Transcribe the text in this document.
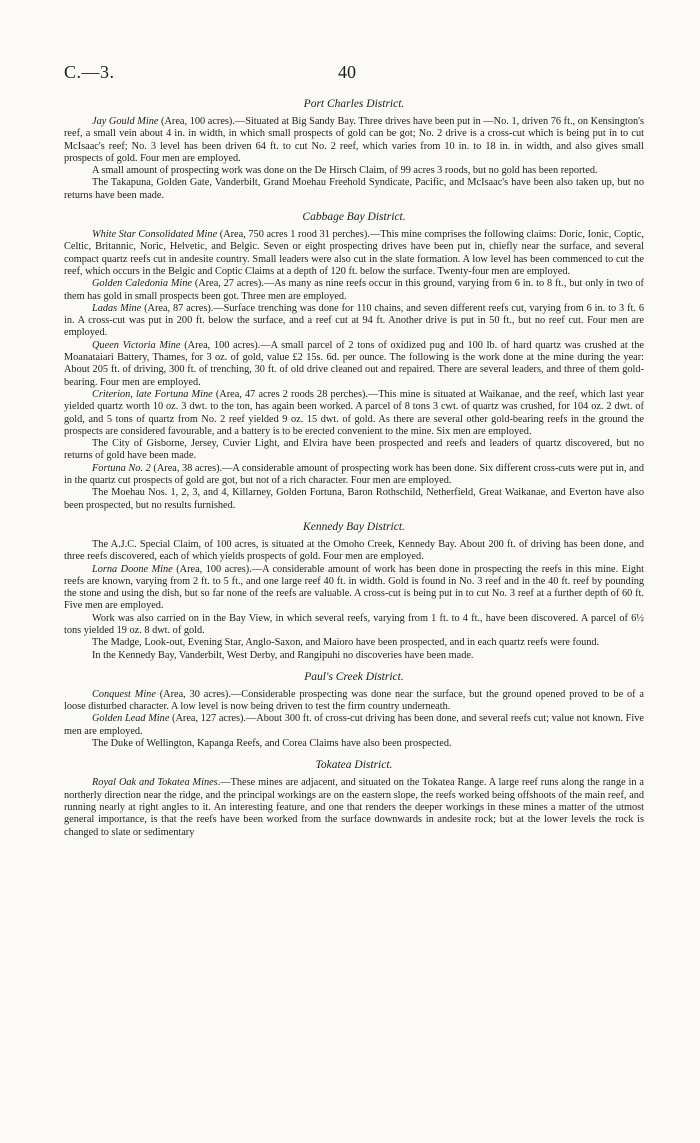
C.—3.	40
Port Charles District.

Jay Gould Mine (Area, 100 acres).—Situated at Big Sandy Bay. Three drives have been put in —No. 1, driven 76 ft., on Kensington's reef, a small vein about 4 in. in width, in which small prospects of gold can be got; No. 2 drive is a cross-cut which is being put in to cut McIsaac's reef; No. 3 level has been driven 64 ft. to cut No. 2 reef, which varies from 10 in. to 18 in. in width, and also gives small prospects of gold. Four men are employed.

A small amount of prospecting work was done on the De Hirsch Claim, of 99 acres 3 roods, but no gold has been reported.

The Takapuna, Golden Gate, Vanderbilt, Grand Moehau Freehold Syndicate, Pacific, and McIsaac's have been also taken up, but no returns have been made.

Cabbage Bay District.

White Star Consolidated Mine (Area, 750 acres 1 rood 31 perches).—This mine comprises the following claims: Doric, Ionic, Coptic, Celtic, Britannic, Noric, Helvetic, and Belgic. Seven or eight prospecting drives have been put in, chiefly near the surface, and several compact quartz reefs cut in andesite country. Small leaders were also cut in the slate formation. A low level has been commenced to cut the reef, which occurs in the Belgic and Coptic Claims at a depth of 120 ft. below the surface. Twenty-four men are employed.

Golden Caledonia Mine (Area, 27 acres).—As many as nine reefs occur in this ground, varying from 6 in. to 8 ft., but only in two of them has gold in small prospects been got. Three men are employed.

Ladas Mine (Area, 87 acres).—Surface trenching was done for 110 chains, and seven different reefs cut, varying from 6 in. to 3 ft. 6 in. A cross-cut was put in 200 ft. below the surface, and a reef cut at 94 ft. Another drive is put in 50 ft., but no reef cut. Four men are employed.

Queen Victoria Mine (Area, 100 acres).—A small parcel of 2 tons of oxidized pug and 100 lb. of hard quartz was crushed at the Moanataiari Battery, Thames, for 3 oz. of gold, value £2 15s. 6d. per ounce. The following is the work done at the mine during the year: About 205 ft. of driving, 300 ft. of trenching, 30 ft. of old drive cleaned out and repaired. There are several leaders, and three of them gold-bearing. Four men are employed.

Criterion, late Fortuna Mine (Area, 47 acres 2 roods 28 perches).—This mine is situated at Waikanae, and the reef, which last year yielded quartz worth 10 oz. 3 dwt. to the ton, has again been worked. A parcel of 8 tons 3 cwt. of quartz was crushed, for 104 oz. 2 dwt. of gold, and 5 tons of quartz from No. 2 reef yielded 9 oz. 15 dwt. of gold. As there are several other gold-bearing reefs in the ground the prospects are considered favourable, and a battery is to be erected convenient to the mine. Six men are employed.

The City of Gisborne, Jersey, Cuvier Light, and Elvira have been prospected and reefs and leaders of quartz discovered, but no returns of gold have been made.

Fortuna No. 2 (Area, 38 acres).—A considerable amount of prospecting work has been done. Six different cross-cuts were put in, and in the quartz cut prospects of gold are got, but not of a rich character. Four men are employed.

The Moehau Nos. 1, 2, 3, and 4, Killarney, Golden Fortuna, Baron Rothschild, Netherfield, Great Waikanae, and Everton have also been prospected, but no results furnished.

Kennedy Bay District.

The A.J.C. Special Claim, of 100 acres, is situated at the Omoho Creek, Kennedy Bay. About 200 ft. of driving has been done, and three reefs discovered, each of which yields prospects of gold. Four men are employed.

Lorna Doone Mine (Area, 100 acres).—A considerable amount of work has been done in prospecting the reefs in this mine. Eight reefs are known, varying from 2 ft. to 5 ft., and one large reef 40 ft. in width. Gold is found in No. 3 reef and in the 40 ft. reef by pounding the stone and using the dish, but so far none of the reefs are valuable. A cross-cut is being put in to cut No. 3 reef at a further depth of 60 ft. Five men are employed.

Work was also carried on in the Bay View, in which several reefs, varying from 1 ft. to 4 ft., have been discovered. A parcel of 6½ tons yielded 19 oz. 8 dwt. of gold.

The Madge, Look-out, Evening Star, Anglo-Saxon, and Maioro have been prospected, and in each quartz reefs were found.

In the Kennedy Bay, Vanderbilt, West Derby, and Rangipuhi no discoveries have been made.

Paul's Creek District.

Conquest Mine (Area, 30 acres).—Considerable prospecting was done near the surface, but the ground opened proved to be of a loose disturbed character. A low level is now being driven to test the firm country underneath.

Golden Lead Mine (Area, 127 acres).—About 300 ft. of cross-cut driving has been done, and several reefs cut; value not known. Five men are employed.

The Duke of Wellington, Kapanga Reefs, and Corea Claims have also been prospected.

Tokatea District.

Royal Oak and Tokatea Mines.—These mines are adjacent, and situated on the Tokatea Range. A large reef runs along the range in a northerly direction near the ridge, and the principal workings are on the eastern slope, the reefs worked being offshoots of the main reef, and running nearly at right angles to it. An interesting feature, and one that renders the deeper workings in these mines a matter of the utmost general importance, is that the reefs have been worked from the surface downwards in andesite rock; but at the lower levels the rock is changed to slate or sedimentary
